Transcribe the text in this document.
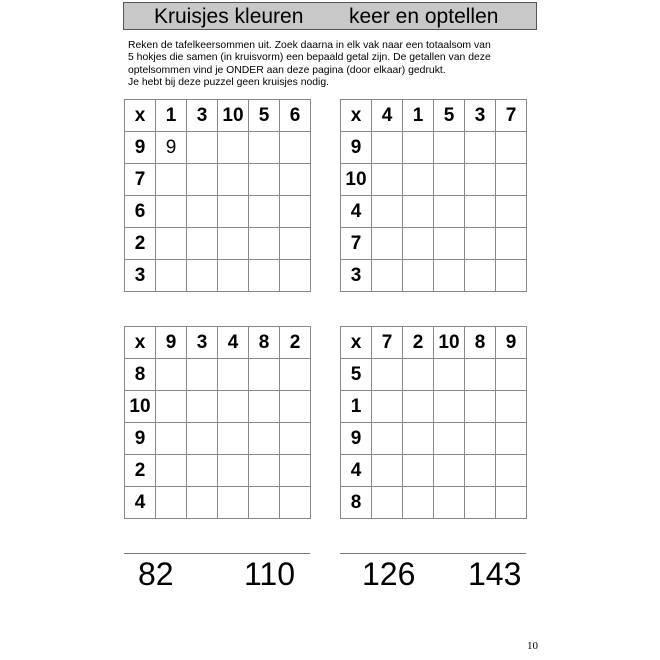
Kruisjes kleuren keer en optellen

Reken de tafelkeersommen uit. Zoek daarna in elk vak naar een totaalsom van

5 hokjes die samen (in kruisvorm) een bepaald getal zijn. De getallen van deze

optelsommen vind je ONDER aan deze pagina (door elkaar) gedrukt.

Je hebt bij deze puzzel geen kruisjes nodig.

x	1	3	10	5	6
9	9				
7					
6					
2					
3					
x	4	1	5	3	7
9					
10					
4					
7					
3					
x	9	3	4	8	2
8					
10					
9					
2					
4					
x	7	2	10	8	9
5					
1					
9					
4					
8					
82 110 126 143
10
